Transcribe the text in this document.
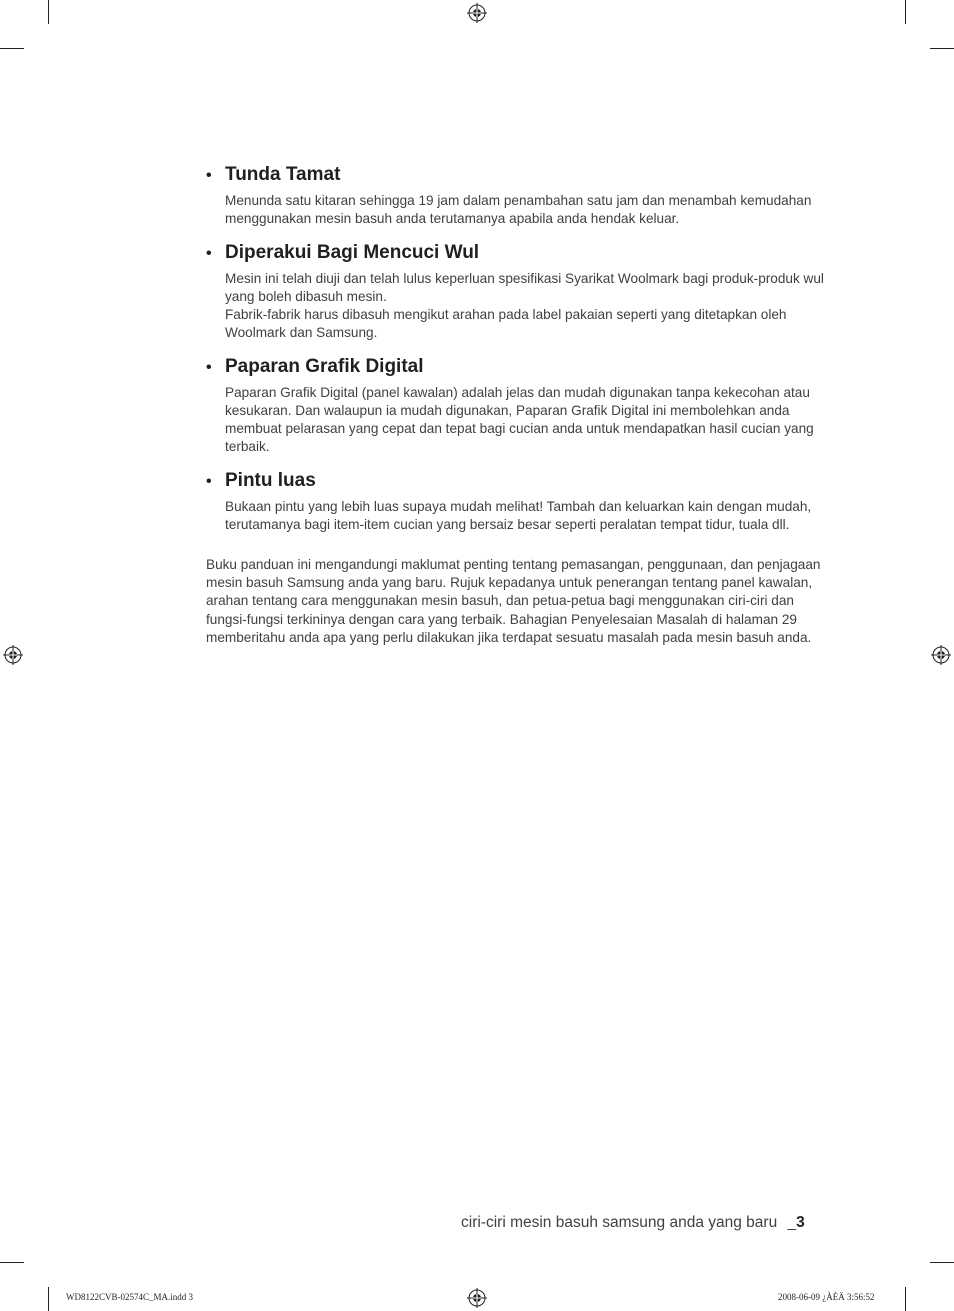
• Tunda Tamat

Menunda satu kitaran sehingga 19 jam dalam penambahan satu jam dan menambah kemudahan menggunakan mesin basuh anda terutamanya apabila anda hendak keluar.

• Diperakui Bagi Mencuci Wul

Mesin ini telah diuji dan telah lulus keperluan spesifikasi Syarikat Woolmark bagi produk-produk wul yang boleh dibasuh mesin.

Fabrik-fabrik harus dibasuh mengikut arahan pada label pakaian seperti yang ditetapkan oleh Woolmark dan Samsung.

• Paparan Grafik Digital

Paparan Grafik Digital (panel kawalan) adalah jelas dan mudah digunakan tanpa kekecohan atau kesukaran. Dan walaupun ia mudah digunakan, Paparan Grafik Digital ini membolehkan anda membuat pelarasan yang cepat dan tepat bagi cucian anda untuk mendapatkan hasil cucian yang terbaik.

• Pintu luas

Bukaan pintu yang lebih luas supaya mudah melihat! Tambah dan keluarkan kain dengan mudah, terutamanya bagi item-item cucian yang bersaiz besar seperti peralatan tempat tidur, tuala dll.

Buku panduan ini mengandungi maklumat penting tentang pemasangan, penggunaan, dan penjagaan mesin basuh Samsung anda yang baru. Rujuk kepadanya untuk penerangan tentang panel kawalan, arahan tentang cara menggunakan mesin basuh, dan petua-petua bagi menggunakan ciri-ciri dan fungsi-fungsi terkininya dengan cara yang terbaik. Bahagian Penyelesaian Masalah di halaman 29 memberitahu anda apa yang perlu dilakukan jika terdapat sesuatu masalah pada mesin basuh anda.

ciri-ciri mesin basuh samsung anda yang baru _3
WD8122CVB-02574C_MA.indd 3	2008-06-09 ¿ÀÈÄ 3:56:52
